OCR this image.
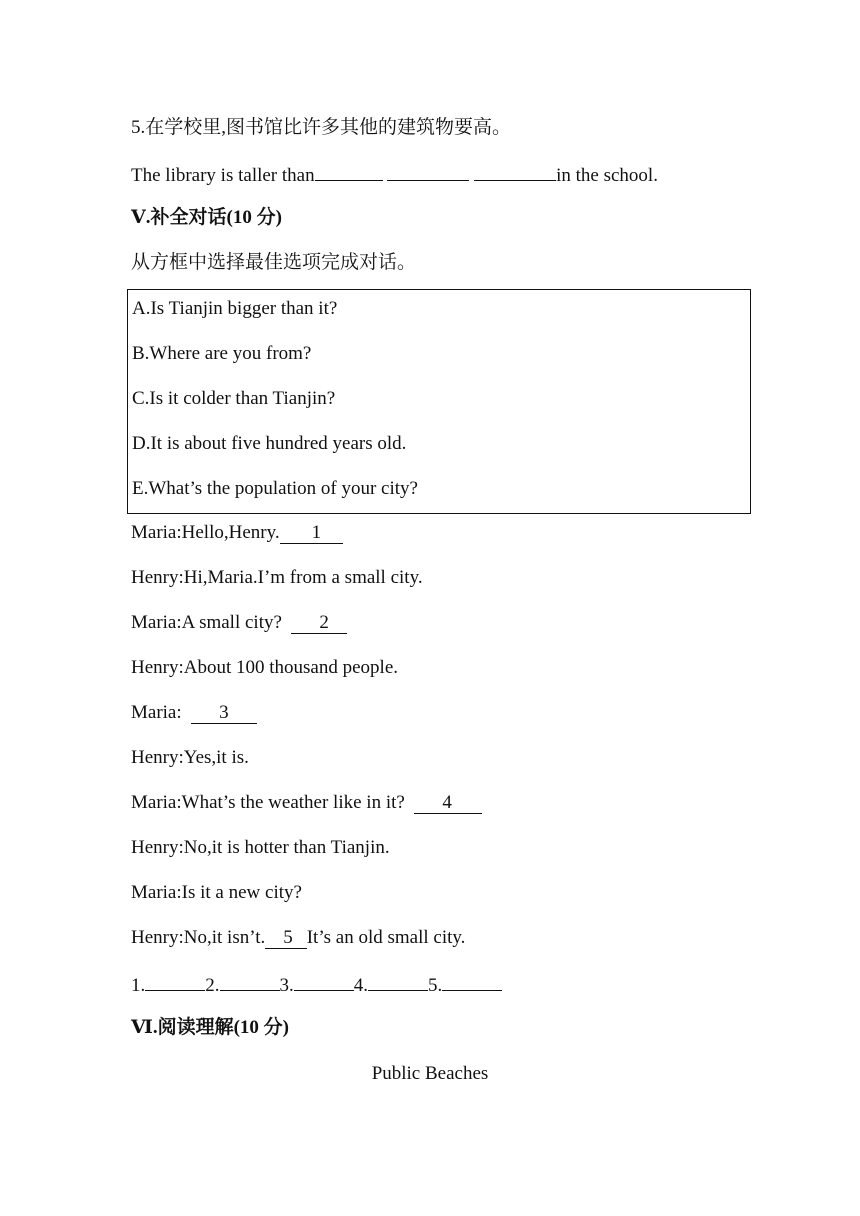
5.在学校里,图书馆比许多其他的建筑物要高。
The library is taller than	in the school.
Ⅴ.补全对话(10 分)
从方框中选择最佳选项完成对话。
A.Is Tianjin bigger than it?
B.Where are you from?
C.Is it colder than Tianjin?
D.It is about five hundred years old.
E.What’s the population of your city?
Maria:Hello,Henry. 1
Henry:Hi,Maria.I’m from a small city.
Maria:A small city?  2
Henry:About 100 thousand people.
Maria:  3
Henry:Yes,it is.
Maria:What’s the weather like in it?  4
Henry:No,it is hotter than Tianjin.
Maria:Is it a new city?
Henry:No,it isn’t. 5 It’s an old small city.
1.	2.	3.	4.	5.
Ⅵ.阅读理解(10 分)
Public Beaches
